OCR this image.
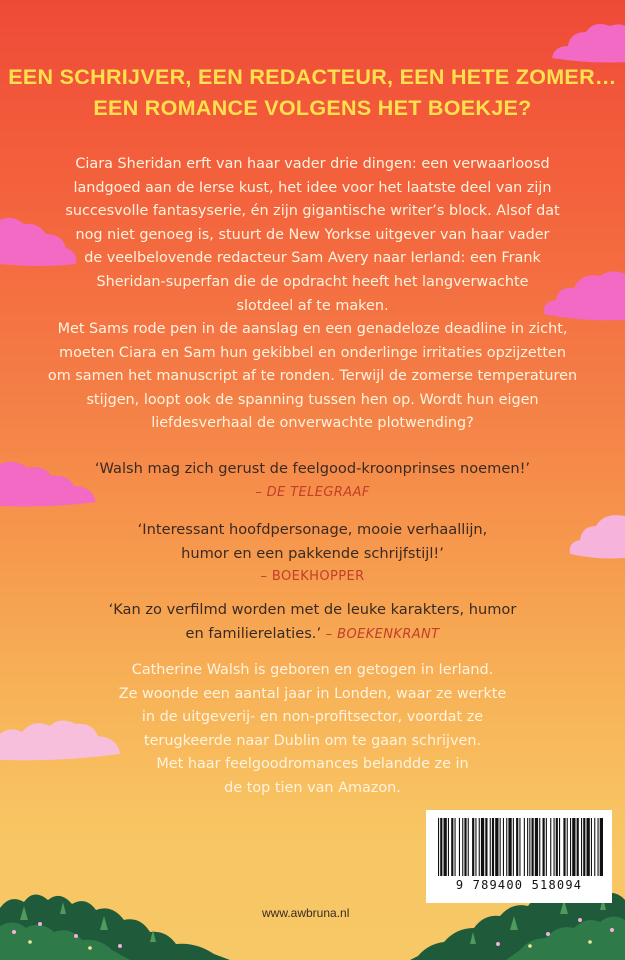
EEN SCHRIJVER, EEN REDACTEUR, EEN HETE ZOMER…
EEN ROMANCE VOLGENS HET BOEKJE?
Ciara Sheridan erft van haar vader drie dingen: een verwaarloosd
landgoed aan de Ierse kust, het idee voor het laatste deel van zijn
succesvolle fantasyserie, én zijn gigantische writer’s block. Alsof dat
nog niet genoeg is, stuurt de New Yorkse uitgever van haar vader
de veelbelovende redacteur Sam Avery naar Ierland: een Frank
Sheridan-superfan die de opdracht heeft het langverwachte
slotdeel af te maken.
Met Sams rode pen in de aanslag en een genadeloze deadline in zicht,
moeten Ciara en Sam hun gekibbel en onderlinge irritaties opzijzetten
om samen het manuscript af te ronden. Terwijl de zomerse temperaturen
stijgen, loopt ook de spanning tussen hen op. Wordt hun eigen
liefdesverhaal de onverwachte plotwending?
‘Walsh mag zich gerust de feelgood-kroonprinses noemen!’
– DE TELEGRAAF
‘Interessant hoofdpersonage, mooie verhaallijn,
humor en een pakkende schrijfstijl!’
– BOEKHOPPER
‘Kan zo verfilmd worden met de leuke karakters, humor
en familierelaties.’ – BOEKENKRANT
Catherine Walsh is geboren en getogen in Ierland.
Ze woonde een aantal jaar in Londen, waar ze werkte
in de uitgeverij- en non-profitsector, voordat ze
terugkeerde naar Dublin om te gaan schrijven.
Met haar feelgoodromances belandde ze in
de top tien van Amazon.
9 789400 518094
www.awbruna.nl
